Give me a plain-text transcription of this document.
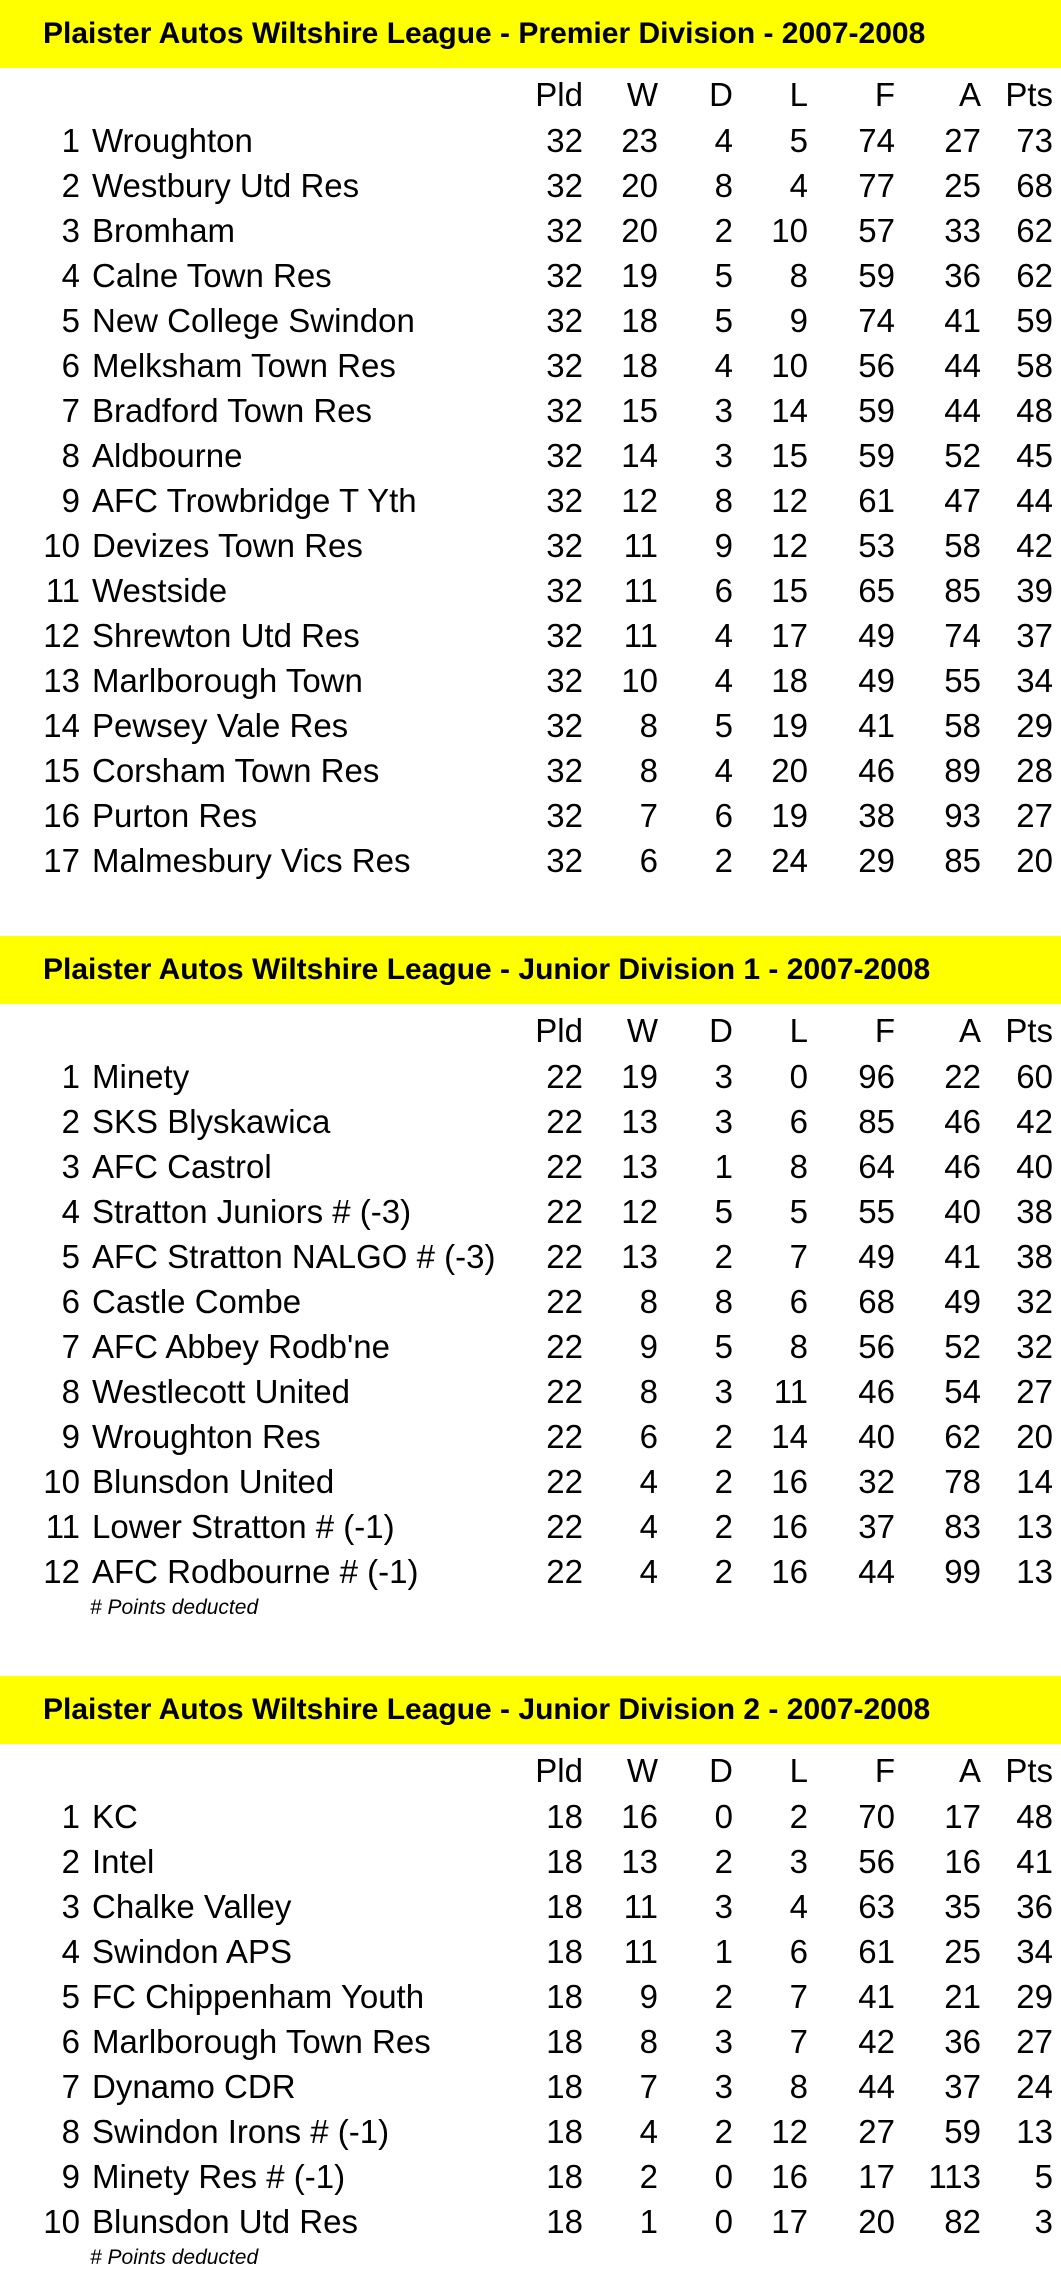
Plaister Autos Wiltshire League - Premier Division - 2007-2008
Pld	W	D	L	F	A Pts
1 Wroughton	32	23	4	5	74	27	73
2 Westbury Utd Res	32	20	8	4	77	25	68
3 Bromham	32	20	2	10	57	33	62
4 Calne Town Res	32	19	5	8	59	36	62
5 New College Swindon	32	18	5	9	74	41	59
6 Melksham Town Res	32	18	4	10	56	44	58
7 Bradford Town Res	32	15	3	14	59	44	48
8 Aldbourne	32	14	3	15	59	52	45
9 AFC Trowbridge T Yth	32	12	8	12	61	47	44
10 Devizes Town Res	32	11	9	12	53	58	42
11 Westside	32	11	6	15	65	85	39
12 Shrewton Utd Res	32	11	4	17	49	74	37
13 Marlborough Town	32	10	4	18	49	55	34
14 Pewsey Vale Res	32	8	5	19	41	58	29
15 Corsham Town Res	32	8	4	20	46	89	28
16 Purton Res	32	7	6	19	38	93	27
17 Malmesbury Vics Res	32	6	2	24	29	85	20
Plaister Autos Wiltshire League - Junior Division 1 - 2007-2008
Pld	W	D	L	F	A Pts
1 Minety	22	19	3	0	96	22	60
2 SKS Blyskawica	22	13	3	6	85	46	42
3 AFC Castrol	22	13	1	8	64	46	40
4 Stratton Juniors # (-3)	22	12	5	5	55	40	38
5 AFC Stratton NALGO # (-3)	22	13	2	7	49	41	38
6 Castle Combe	22	8	8	6	68	49	32
7 AFC Abbey Rodb'ne	22	9	5	8	56	52	32
8 Westlecott United	22	8	3	11	46	54	27
9 Wroughton Res	22	6	2	14	40	62	20
10 Blunsdon United	22	4	2	16	32	78	14
11 Lower Stratton # (-1)	22	4	2	16	37	83	13
12 AFC Rodbourne # (-1)	22	4	2	16	44	99	13
# Points deducted
Plaister Autos Wiltshire League - Junior Division 2 - 2007-2008
Pld	W	D	L	F	A Pts
1 KC	18	16	0	2	70	17	48
2 Intel	18	13	2	3	56	16	41
3 Chalke Valley	18	11	3	4	63	35	36
4 Swindon APS	18	11	1	6	61	25	34
5 FC Chippenham Youth	18	9	2	7	41	21	29
6 Marlborough Town Res	18	8	3	7	42	36	27
7 Dynamo CDR	18	7	3	8	44	37	24
8 Swindon Irons # (-1)	18	4	2	12	27	59	13
9 Minety Res # (-1)	18	2	0	16	17	113	5
10 Blunsdon Utd Res	18	1	0	17	20	82	3
# Points deducted
